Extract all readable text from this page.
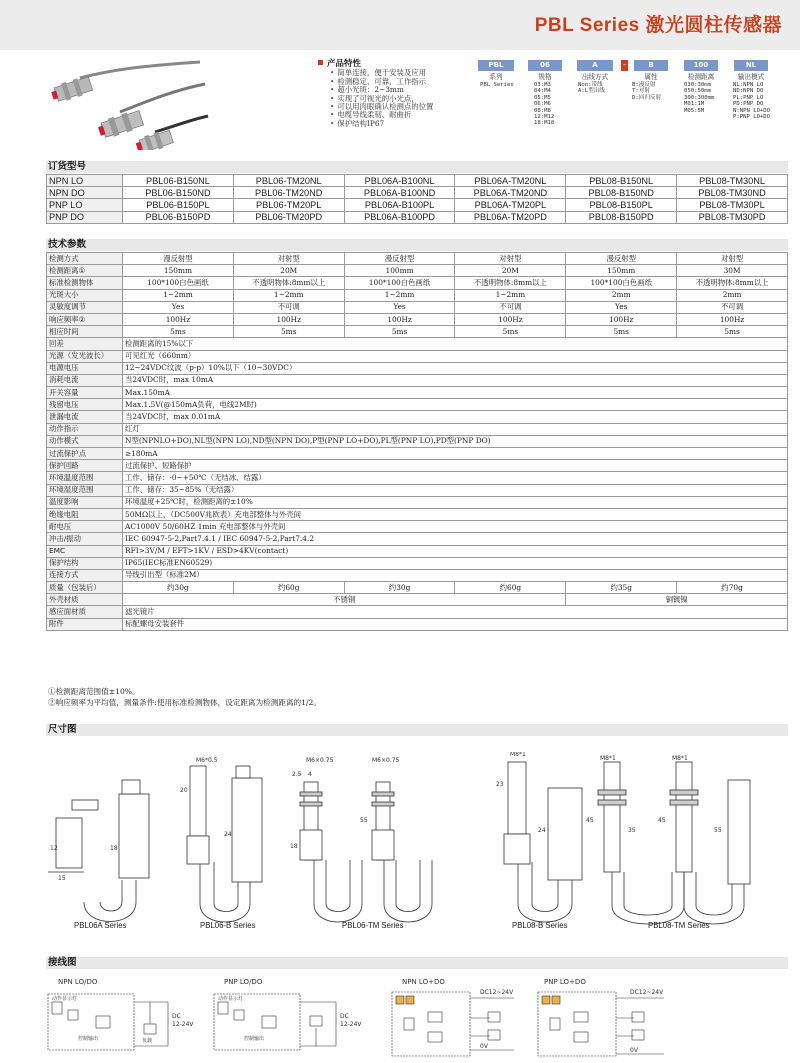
PBL Series 激光圆柱传感器
产品特性
• 简单连接，便于安装及应用
• 检测稳定、可靠，工作指示
• 超小光斑：2~3mm
• 实现了可视光的小光点，
• 可以用肉眼确认检测点的位置
• 电缆导线柔韧、耐曲折
• 保护结构IP67
PBL	06	A	-	B	100	NL
系列	规格	出线方式	属性	检测距离	输出模式
PBL Series	03:M3
04:M4
05:M5
06:M6
08:M8
12:M12
18:M18
Non:带线
A:L型出线
B:漫反射
T:对射
D:回归反射
030:30mm
050:50mm
300:300mm
M01:1M
M05:5M
NL:NPN LO
ND:NPN DO
PL:PNP LO
PD:PNP DO
N:NPN LO+DO
P:PNP LO+DO
订货型号
NPN LO	PBL06-B150NL	PBL06-TM20NL	PBL06A-B100NL	PBL06A-TM20NL	PBL08-B150NL	PBL08-TM30NL
NPN DO	PBL06-B150ND	PBL06-TM20ND	PBL06A-B100ND	PBL06A-TM20ND	PBL08-B150ND	PBL08-TM30ND
PNP LO	PBL06-B150PL	PBL06-TM20PL	PBL06A-B100PL	PBL06A-TM20PL	PBL08-B150PL	PBL08-TM30PL
PNP DO	PBL06-B150PD	PBL06-TM20PD	PBL06A-B100PD	PBL06A-TM20PD	PBL08-B150PD	PBL08-TM30PD
技术参数
检测方式	漫反射型	对射型	漫反射型	对射型	漫反射型	对射型
检测距离①	150mm	20M	100mm	20M	150mm	30M
标准检测物体	100*100白色画纸	不透明物体:8mm以上	100*100白色画纸	不透明物体:8mm以上	100*100白色画纸	不透明物体:8mm以上
光斑大小	1~2mm	1~2mm	1~2mm	1~2mm	2mm	2mm
灵敏度调节	Yes	不可调	Yes	不可调	Yes	不可调
响应频率②	100Hz	100Hz	100Hz	100Hz	100Hz	100Hz
相应时间	5ms	5ms	5ms	5ms	5ms	5ms
回差	检测距离的15%以下					
光源（发光波长）	可见红光（660nm）					
电源电压	12~24VDC纹波（p-p）10%以下（10~30VDC）					
消耗电流	当24VDC时，max 10mA					
开关容量	Max.150mA					
残留电压	Max.1.5V(@150mA负荷，电线2M时)					
泄漏电流	当24VDC时，max 0.01mA					
动作指示	红灯					
动作模式	N型(NPNLO+DO),NL型(NPN LO),ND型(NPN DO),P型(PNP LO+DO),PL型(PNP LO),PD型(PNP DO)					
过流保护点	≥180mA					
保护回路	过流保护、短路保护					
环境温度范围	工作、储存：-0~+50℃（无结冰、结露）					
环境湿度范围	工作、储存：35~85%（无结露）					
温度影响	环境温度+25℃时，检测距离的±10%					
绝缘电阻	50MΩ以上，（DC500V兆欧表）充电部整体与外壳间					
耐电压	AC1000V 50/60HZ 1min 充电部整体与外壳间					
冲击/振动	IEC 60947-5-2,Part7.4.1 / IEC 60947-5-2,Part7.4.2					
EMC	RFI>3V/M / EFT>1KV / ESD>4KV(contact)					
保护结构	IP65(IEC标准EN60529)					
连接方式	导线引出型（标准2M）					
质量（包装后）	约30g	约60g	约30g	约60g	约35g	约70g
外壳材质	不锈钢				铜镀镍	
感应面材质	滤光镜片					
附件	标配螺母安装套件					
①检测距离范围值±10%。
②响应频率为平均值，测量条件:使用标准检测物体，设定距离为检测距离的1/2。
尺寸图
M6*0.5	M6×0.75	M6×0.75
M8*1
M8*1	M8*1
12	18
15
20
24
2.5 4
18
55
23
24
45
35
45
55
PBL06A Series	PBL06-B Series	PBL06-TM Series	PBL08-B Series	PBL08-TM Series
接线图
NPN LO/DO	PNP LO/DO	NPN LO+DO	PNP LO+DO
DC
12-24V
DC
12-24V
DC12~24V
0V
DC12~24V
0V
控制输出	控制输出
负载
动作显示灯	动作显示灯
